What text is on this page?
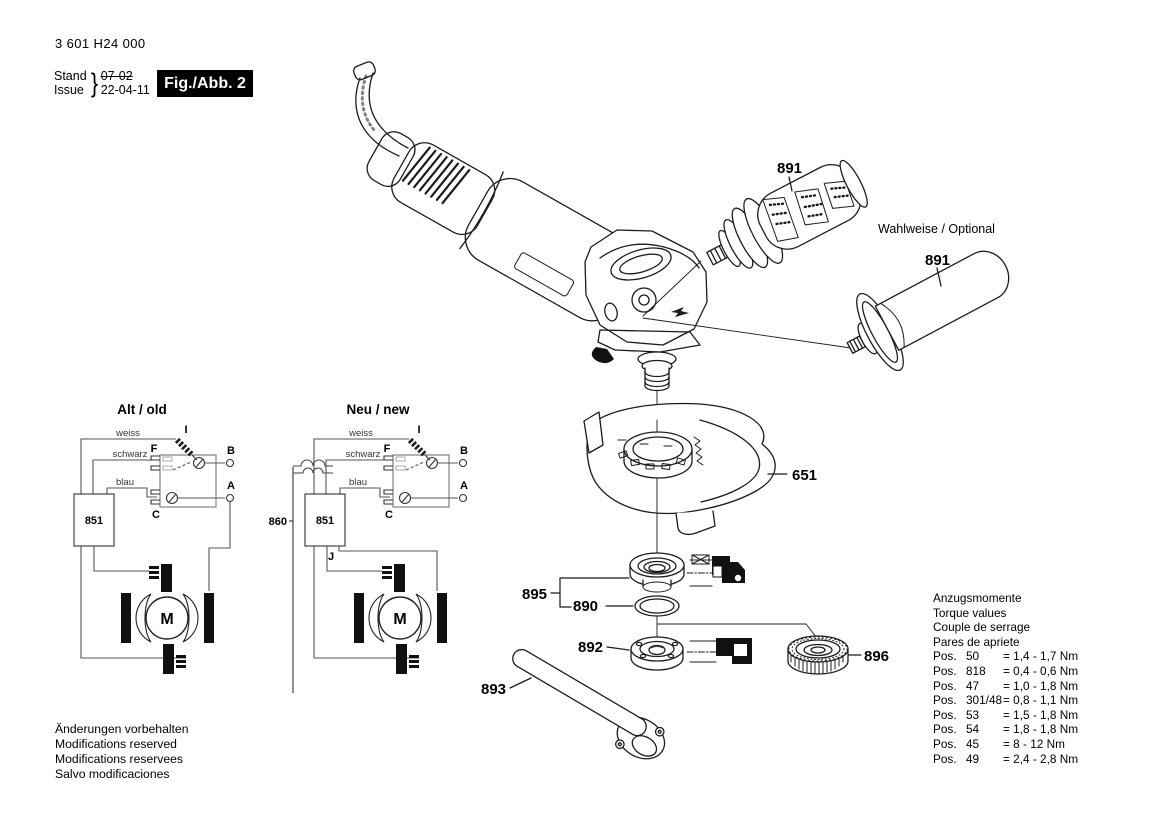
3 601 H24 000
Stand
Issue } 07-02
22-04-11 Fig./Abb. 2
891
891
Wahlweise / Optional
651
895
890
892
893
896
Alt / old
weiss
schwarz
blau
I
F
C
B
A
851
M
Neu / new
weiss
schwarz
blau
I
F
C
B
A
851
860
J
M
Anzugsmomente
Torque values
Couple de serrage
Pares de apriete
Pos. 50	= 1,4 - 1,7 Nm
Pos. 818	= 0,4 - 0,6 Nm
Pos. 47	= 1,0 - 1,8 Nm
Pos. 301/48 = 0,8 - 1,1 Nm
Pos. 53	= 1,5 - 1,8 Nm
Pos. 54	= 1,8 - 1,8 Nm
Pos. 45	= 8 - 12 Nm
Pos. 49	= 2,4 - 2,8 Nm
Änderungen vorbehalten
Modifications reserved
Modifications reservees
Salvo modificaciones
